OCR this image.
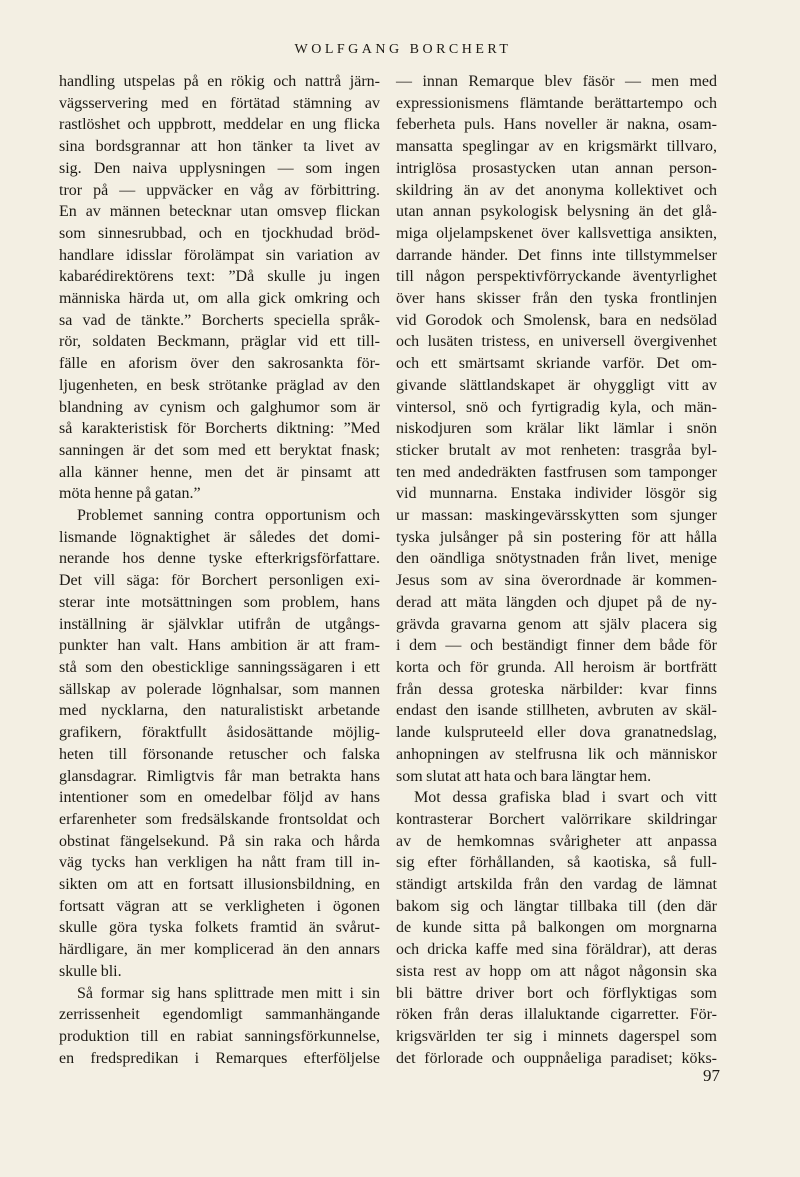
WOLFGANG BORCHERT

handling utspelas på en rökig och nattrå järn-

vägsservering med en förtätad stämning av

rastlöshet och uppbrott, meddelar en ung flicka

sina bordsgrannar att hon tänker ta livet av

sig. Den naiva upplysningen — som ingen

tror på — uppväcker en våg av förbittring.

En av männen betecknar utan omsvep flickan

som sinnesrubbad, och en tjockhudad bröd-

handlare idisslar förolämpat sin variation av

kabarédirektörens text: ”Då skulle ju ingen

människa härda ut, om alla gick omkring och

sa vad de tänkte.” Borcherts speciella språk-

rör, soldaten Beckmann, präglar vid ett till-

fälle en aforism över den sakrosankta för-

ljugenheten, en besk strötanke präglad av den

blandning av cynism och galghumor som är

så karakteristisk för Borcherts diktning: ”Med

sanningen är det som med ett beryktat fnask;

alla känner henne, men det är pinsamt att

möta henne på gatan.”

Problemet sanning contra opportunism och

lismande lögnaktighet är således det domi-

nerande hos denne tyske efterkrigsförfattare.

Det vill säga: för Borchert personligen exi-

sterar inte motsättningen som problem, hans

inställning är självklar utifrån de utgångs-

punkter han valt. Hans ambition är att fram-

stå som den obesticklige sanningssägaren i ett

sällskap av polerade lögnhalsar, som mannen

med nycklarna, den naturalistiskt arbetande

grafikern, föraktfullt åsidosättande möjlig-

heten till försonande retuscher och falska

glansdagrar. Rimligtvis får man betrakta hans

intentioner som en omedelbar följd av hans

erfarenheter som fredsälskande frontsoldat och

obstinat fängelsekund. På sin raka och hårda

väg tycks han verkligen ha nått fram till in-

sikten om att en fortsatt illusionsbildning, en

fortsatt vägran att se verkligheten i ögonen

skulle göra tyska folkets framtid än svårut-

härdligare, än mer komplicerad än den annars

skulle bli.

Så formar sig hans splittrade men mitt i sin

zerrissenheit egendomligt sammanhängande

produktion till en rabiat sanningsförkunnelse,

en fredspredikan i Remarques efterföljelse

— innan Remarque blev fäsör — men med

expressionismens flämtande berättartempo och

feberheta puls. Hans noveller är nakna, osam-

mansatta speglingar av en krigsmärkt tillvaro,

intriglösa prosastycken utan annan person-

skildring än av det anonyma kollektivet och

utan annan psykologisk belysning än det glå-

miga oljelampskenet över kallsvettiga ansikten,

darrande händer. Det finns inte tillstymmelser

till någon perspektivförryckande äventyrlighet

över hans skisser från den tyska frontlinjen

vid Gorodok och Smolensk, bara en nedsölad

och lusäten tristess, en universell övergivenhet

och ett smärtsamt skriande varför. Det om-

givande slättlandskapet är ohyggligt vitt av

vintersol, snö och fyrtigradig kyla, och män-

niskodjuren som krälar likt lämlar i snön

sticker brutalt av mot renheten: trasgråa byl-

ten med andedräkten fastfrusen som tamponger

vid munnarna. Enstaka individer lösgör sig

ur massan: maskingevärsskytten som sjunger

tyska julsånger på sin postering för att hålla

den oändliga snötystnaden från livet, menige

Jesus som av sina överordnade är kommen-

derad att mäta längden och djupet på de ny-

grävda gravarna genom att själv placera sig

i dem — och beständigt finner dem både för

korta och för grunda. All heroism är bortfrätt

från dessa groteska närbilder: kvar finns

endast den isande stillheten, avbruten av skäl-

lande kulspruteeld eller dova granatnedslag,

anhopningen av stelfrusna lik och människor

som slutat att hata och bara längtar hem.

Mot dessa grafiska blad i svart och vitt

kontrasterar Borchert valörrikare skildringar

av de hemkomnas svårigheter att anpassa

sig efter förhållanden, så kaotiska, så full-

ständigt artskilda från den vardag de lämnat

bakom sig och längtar tillbaka till (den där

de kunde sitta på balkongen om morgnarna

och dricka kaffe med sina föräldrar), att deras

sista rest av hopp om att något någonsin ska

bli bättre driver bort och förflyktigas som

röken från deras illaluktande cigarretter. För-

krigsvärlden ter sig i minnets dagerspel som

det förlorade och ouppnåeliga paradiset; köks-

97
